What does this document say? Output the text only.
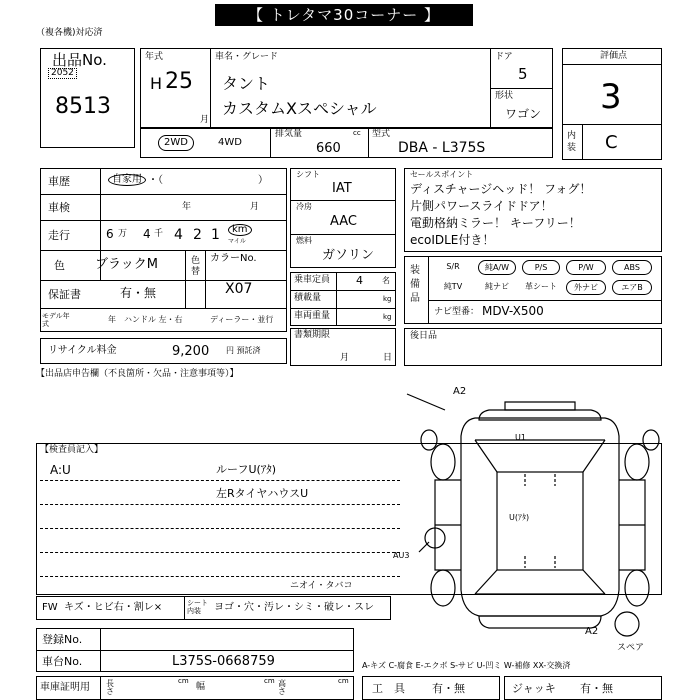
【 トレタマ30コーナー 】
（複各機)対応済
出品No.
2052
8513
年式
H 25
月
車名・グレード
タント
カスタムXスペシャル
ドア
5
形状
ワゴン
評価点
3
内装 C
2WD	4WD
排気量	cc
660
型式
DBA - L375S
車歴	自家用 ・（	）
車検	年	月
走行	6 万 4 千 4 2 1	km
マイル
色 ブラックM	色替
カラーNo.
X07
保証書	有・無
モデル年式	年 ハンドル 左・右	ディーラー・並行
リサイクル料金	9,200 円 預託済
シフト
IAT
冷房
AAC
燃料
ガソリン
乗車定員 4 名
積載量	kg
車両重量	kg
書類期限
月	日
セールスポイント
ディスチャージヘッド！ フォグ！
片側パワースライドドア！
電動格納ミラー！ キーフリー！
ecoIDLE付き！
装備品
S/R	純A/W	P/S	P/W	ABS
純TV	純ナビ	革シート	外ナビ	エアB
ナビ型番： MDV-X500
後日品
【出品店申告欄（不良箇所・欠品・注意事項等）】
【検査員記入】
A:U	ルーフU(ｱﾀ)
左RタイヤハウスU
A2
U1
U(ｱﾀ)
AU3
A2
スペア
FW キズ・ヒビ右・割レ×	シート内装	ヨゴ・穴・汚レ・シミ・破レ・スレ
ニオイ・タバコ
登録No.
車台No.	L375S-0668759	A-キズ C-腐食 E-エクボ S-サビ U-凹ミ W-補修 XX-交換済
車庫証明用 長さ
cm
幅
cm 高さ
cm
工　具 有・無	ジャッキ 有・無
